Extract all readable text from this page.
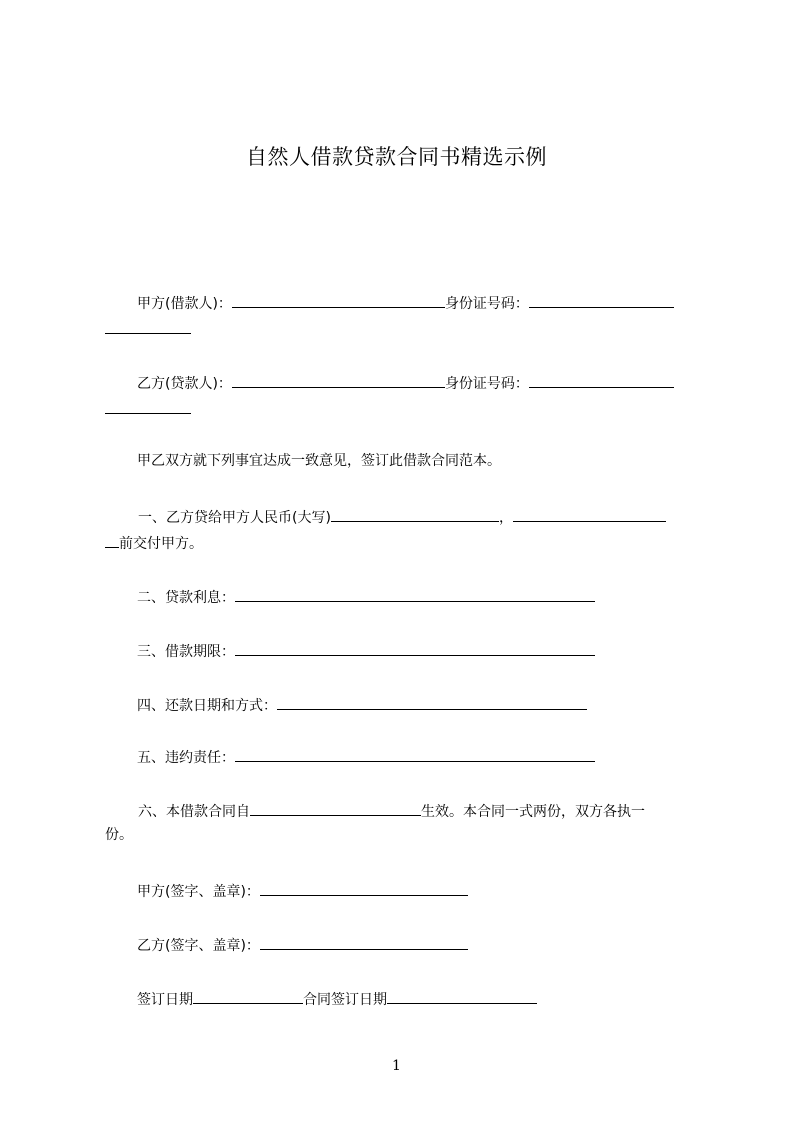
自然人借款贷款合同书精选示例
甲方(借款人)：	身份证号码：
乙方(贷款人)：	身份证号码：
甲乙双方就下列事宜达成一致意见，签订此借款合同范本。
一、乙方贷给甲方人民币(大写)	，
前交付甲方。
二、贷款利息：
三、借款期限：
四、还款日期和方式：
五、违约责任：
六、本借款合同自	生效。本合同一式两份，双方各执一
份。
甲方(签字、盖章)：
乙方(签字、盖章)：
签订日期	合同签订日期
1
